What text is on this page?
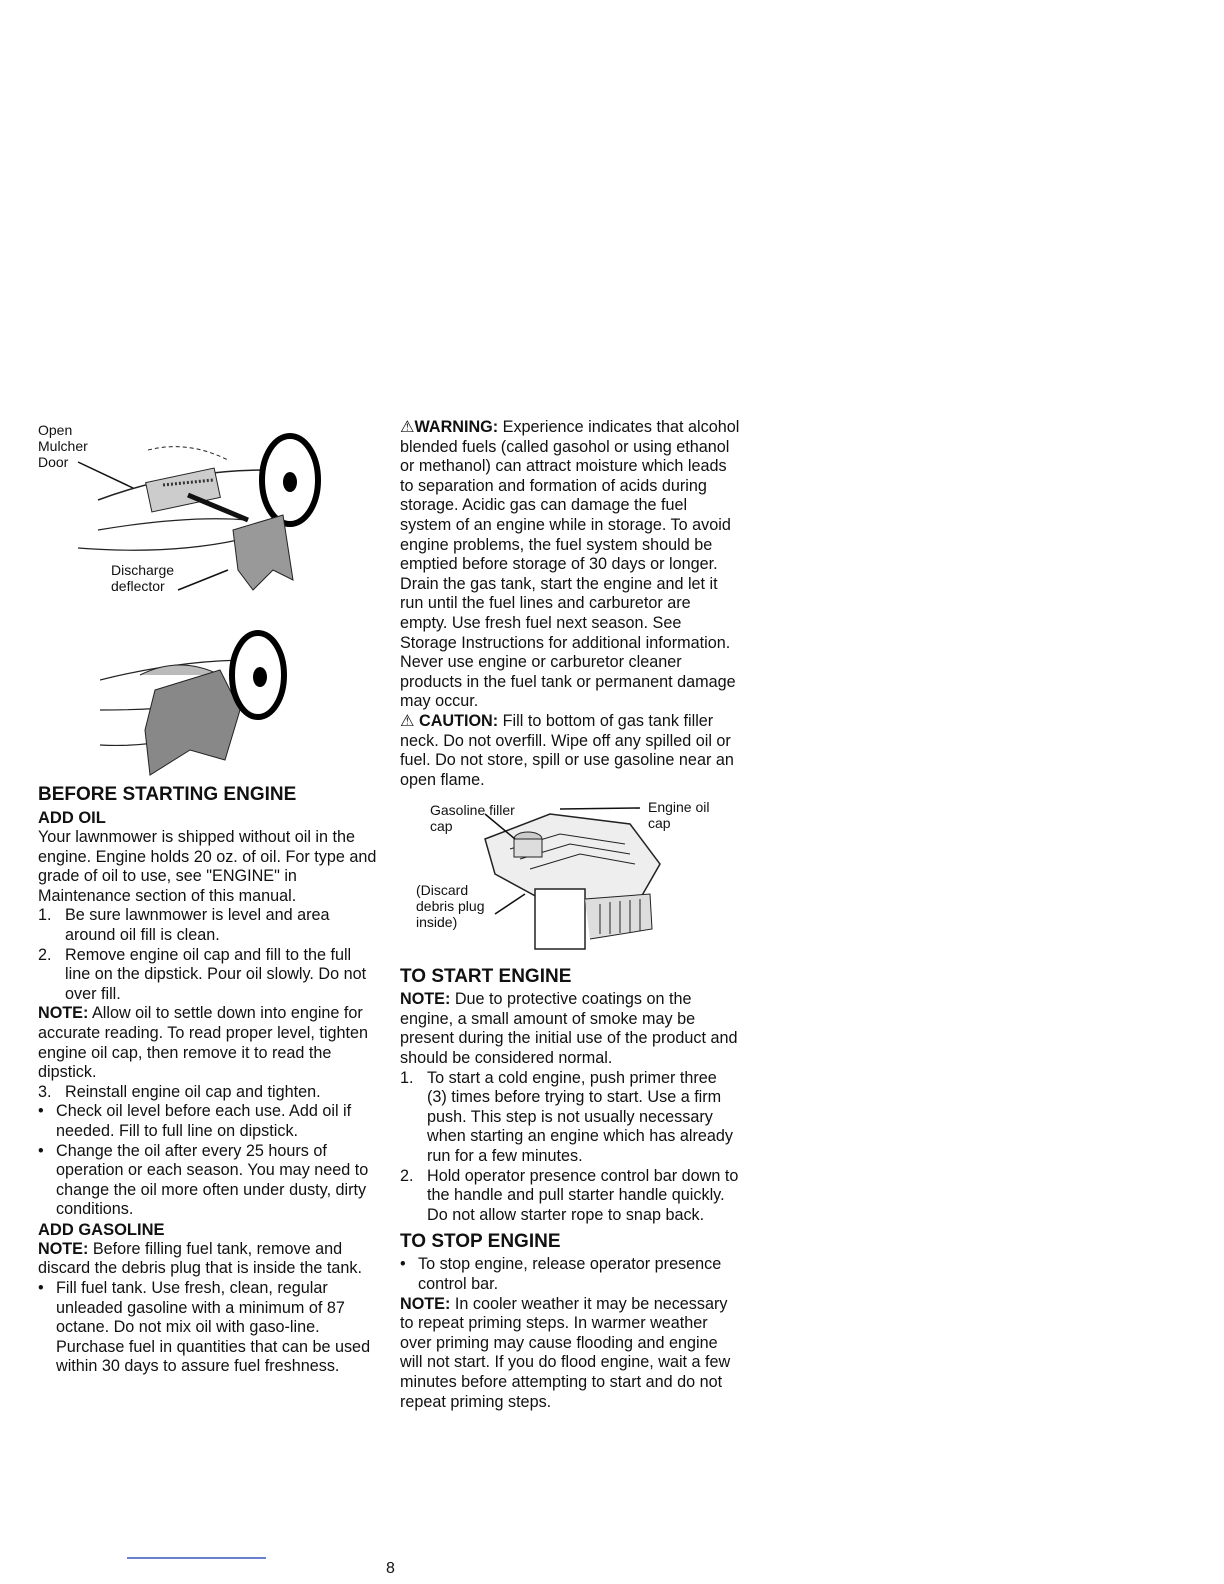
Open
Mulcher
Door
Discharge
deflector
BEFORE STARTING ENGINE
ADD OIL

Your lawnmower is shipped without oil in the engine. Engine holds 20 oz. of oil. For type and grade of oil to use, see "ENGINE" in Maintenance section of this manual.

1. Be sure lawnmower is level and area around oil fill is clean.
2. Remove engine oil cap and fill to the full line on the dipstick. Pour oil slowly. Do not over fill.

NOTE: Allow oil to settle down into engine for accurate reading. To read proper level, tighten engine oil cap, then remove it to read the dipstick.

3. Reinstall engine oil cap and tighten.
• Check oil level before each use. Add oil if needed. Fill to full line on dipstick.
• Change the oil after every 25 hours of operation or each season. You may need to change the oil more often under dusty, dirty conditions.
ADD GASOLINE

NOTE: Before filling fuel tank, remove and discard the debris plug that is inside the tank.

• Fill fuel tank. Use fresh, clean, regular unleaded gasoline with a minimum of 87 octane. Do not mix oil with gaso-line. Purchase fuel in quantities that can be used within 30 days to assure fuel freshness.

⚠WARNING: Experience indicates that alcohol blended fuels (called gasohol or using ethanol or methanol) can attract moisture which leads to separation and formation of acids during storage. Acidic gas can damage the fuel system of an engine while in storage. To avoid engine problems, the fuel system should be emptied before storage of 30 days or longer. Drain the gas tank, start the engine and let it run until the fuel lines and carburetor are empty. Use fresh fuel next season. See Storage Instructions for additional information. Never use engine or carburetor cleaner products in the fuel tank or permanent damage may occur.

⚠ CAUTION: Fill to bottom of gas tank filler neck. Do not overfill. Wipe off any spilled oil or fuel. Do not store, spill or use gasoline near an open flame.

Gasoline filler
cap
Engine oil
cap
(Discard
debris plug
inside)
TO START ENGINE

NOTE: Due to protective coatings on the engine, a small amount of smoke may be present during the initial use of the product and should be considered normal.

1. To start a cold engine, push primer three (3) times before trying to start. Use a firm push. This step is not usually necessary when starting an engine which has already run for a few minutes.
2. Hold operator presence control bar down to the handle and pull starter handle quickly. Do not allow starter rope to snap back.
TO STOP ENGINE
• To stop engine, release operator presence control bar.

NOTE: In cooler weather it may be necessary to repeat priming steps. In warmer weather over priming may cause flooding and engine will not start. If you do flood engine, wait a few minutes before attempting to start and do not repeat priming steps.

8
